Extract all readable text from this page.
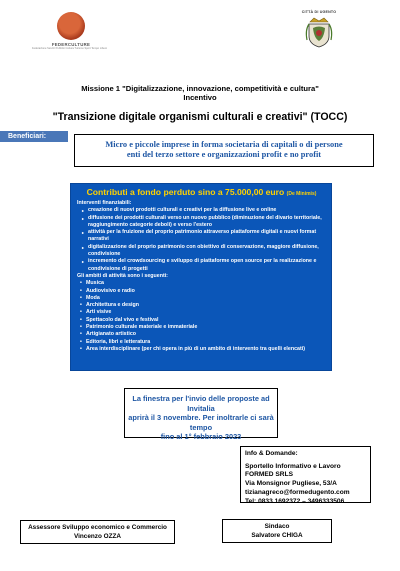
FEDERCULTURE
Federazione Servizi Pubblici Cultura Turismo Sport Tempo Libero
CITTÀ DI UGENTO
Missione 1 "Digitalizzazione, innovazione, competitività e cultura"
Incentivo
"Transizione digitale organismi culturali e creativi" (TOCC)
Beneficiari:
Micro e piccole imprese in forma societaria di capitali o di persone
enti del terzo settore e organizzazioni profit e no profit
Contributi a fondo perduto sino a 75.000,00 euro (De Minimis)
Interventi finanziabili:
▸ creazione di nuovi prodotti culturali e creativi per la diffusione live e online
▸ diffusione dei prodotti culturali verso un nuovo pubblico (diminuzione del divario territoriale, raggiungimento categorie deboli) e verso l'estero
▸ attività per la fruizione del proprio patrimonio attraverso piattaforme digitali e nuovi format narrativi
▸ digitalizzazione del proprio patrimonio con obiettivo di conservazione, maggiore diffusione, condivisione
▸ incremento del crowdsourcing e sviluppo di piattaforme open source per la realizzazione e condivisione di progetti
Gli ambiti di attività sono i seguenti:
• Musica
• Audiovisivo e radio
• Moda
• Architettura e design
• Arti visive
• Spettacolo dal vivo e festival
• Patrimonio culturale materiale e immateriale
• Artigianato artistico
• Editoria, libri e letteratura
• Area interdisciplinare (per chi opera in più di un ambito di intervento tra quelli elencati)
La finestra per l'invio delle proposte ad Invitalia
aprirà il 3 novembre. Per inoltrarle ci sarà tempo
fino al 1° febbraio 2023
Info & Domande:
Sportello Informativo e Lavoro
FORMED SRLS
Via Monsignor Pugliese, 53/A
tizianagreco@formedugento.com
Tel: 0833 1692372 – 3496333506
Assessore Sviluppo economico e Commercio
Vincenzo OZZA
Sindaco
Salvatore CHIGA
